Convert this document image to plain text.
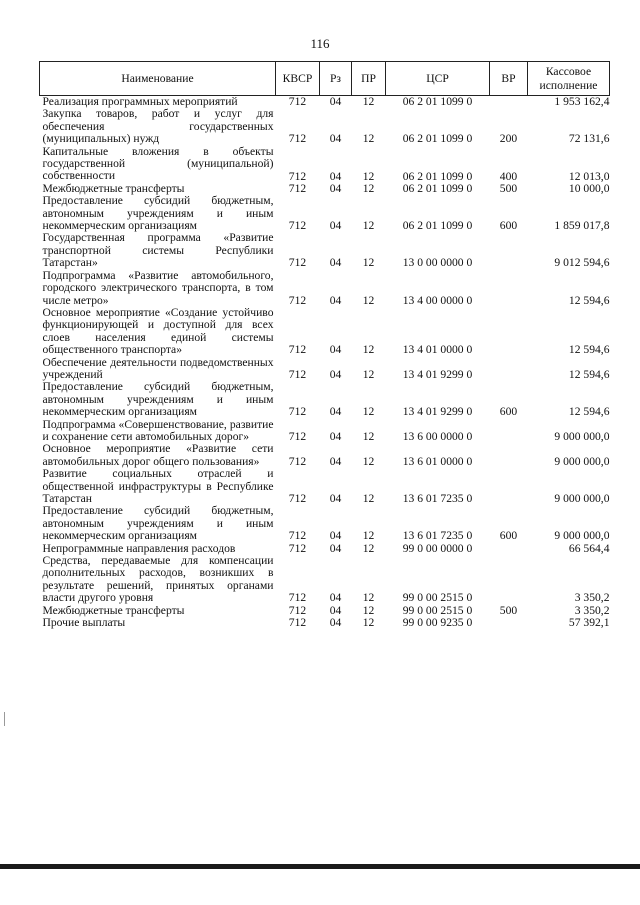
116
Наименование	КВСР	Рз	ПР	ЦСР	ВР	Кассовое исполнение
Реализация программных мероприятий	712	04	12	06 2 01 1099 0		1 953 162,4
Закупка товаров, работ и услуг для обеспечения государственных (муниципальных) нужд	712	04	12	06 2 01 1099 0	200	72 131,6
Капитальные вложения в объекты государственной (муниципальной) собственности	712	04	12	06 2 01 1099 0	400	12 013,0
Межбюджетные трансферты	712	04	12	06 2 01 1099 0	500	10 000,0
Предоставление субсидий бюджетным, автономным учреждениям и иным некоммерческим организациям	712	04	12	06 2 01 1099 0	600	1 859 017,8
Государственная программа «Развитие транспортной системы Республики Татарстан»	712	04	12	13 0 00 0000 0		9 012 594,6
Подпрограмма «Развитие автомобильного, городского электрического транспорта, в том числе метро»	712	04	12	13 4 00 0000 0		12 594,6
Основное мероприятие «Создание устойчиво функционирующей и доступной для всех слоев населения единой системы общественного транспорта»	712	04	12	13 4 01 0000 0		12 594,6
Обеспечение деятельности подведомственных учреждений	712	04	12	13 4 01 9299 0		12 594,6
Предоставление субсидий бюджетным, автономным учреждениям и иным некоммерческим организациям	712	04	12	13 4 01 9299 0	600	12 594,6
Подпрограмма «Совершенствование, развитие и сохранение сети автомобильных дорог»	712	04	12	13 6 00 0000 0		9 000 000,0
Основное мероприятие «Развитие сети автомобильных дорог общего пользования»	712	04	12	13 6 01 0000 0		9 000 000,0
Развитие социальных отраслей и общественной инфраструктуры в Республике Татарстан	712	04	12	13 6 01 7235 0		9 000 000,0
Предоставление субсидий бюджетным, автономным учреждениям и иным некоммерческим организациям	712	04	12	13 6 01 7235 0	600	9 000 000,0
Непрограммные направления расходов	712	04	12	99 0 00 0000 0		66 564,4
Средства, передаваемые для компенсации дополнительных расходов, возникших в результате решений, принятых органами власти другого уровня	712	04	12	99 0 00 2515 0		3 350,2
Межбюджетные трансферты	712	04	12	99 0 00 2515 0	500	3 350,2
Прочие выплаты	712	04	12	99 0 00 9235 0		57 392,1
